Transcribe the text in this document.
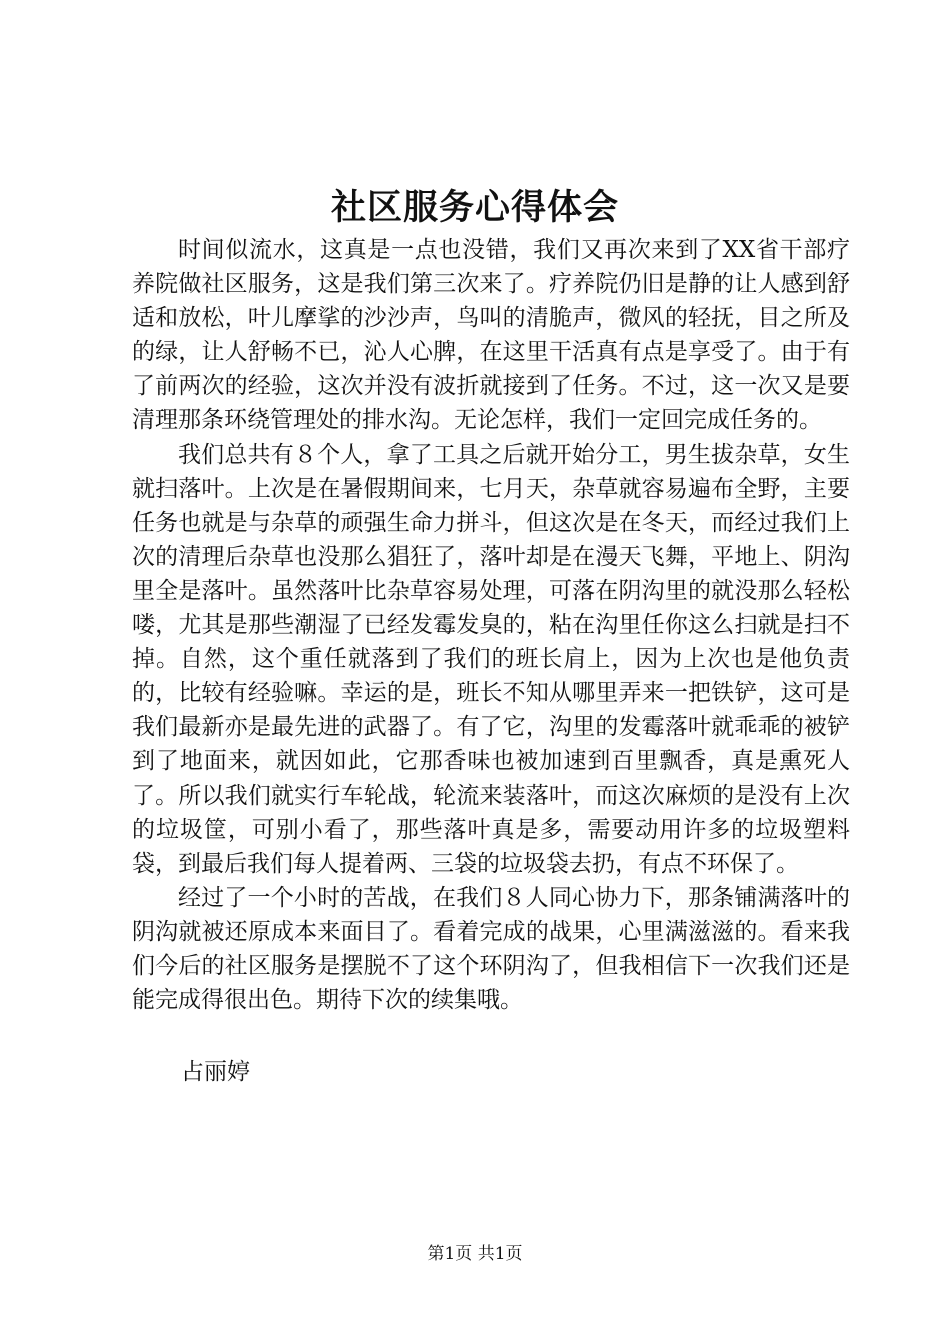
社区服务心得体会

时间似流水，这真是一点也没错，我们又再次来到了XX省干部疗养院做社区服务，这是我们第三次来了。疗养院仍旧是静的让人感到舒适和放松，叶儿摩挲的沙沙声，鸟叫的清脆声，微风的轻抚，目之所及的绿，让人舒畅不已，沁人心脾，在这里干活真有点是享受了。由于有了前两次的经验，这次并没有波折就接到了任务。不过，这一次又是要清理那条环绕管理处的排水沟。无论怎样，我们一定回完成任务的。

我们总共有８个人，拿了工具之后就开始分工，男生拔杂草，女生就扫落叶。上次是在暑假期间来，七月天，杂草就容易遍布全野，主要任务也就是与杂草的顽强生命力拼斗，但这次是在冬天，而经过我们上次的清理后杂草也没那么猖狂了，落叶却是在漫天飞舞，平地上、阴沟里全是落叶。虽然落叶比杂草容易处理，可落在阴沟里的就没那么轻松喽，尤其是那些潮湿了已经发霉发臭的，粘在沟里任你这么扫就是扫不掉。自然，这个重任就落到了我们的班长肩上，因为上次也是他负责的，比较有经验嘛。幸运的是，班长不知从哪里弄来一把铁铲，这可是我们最新亦是最先进的武器了。有了它，沟里的发霉落叶就乖乖的被铲到了地面来，就因如此，它那香味也被加速到百里飘香，真是熏死人了。所以我们就实行车轮战，轮流来装落叶，而这次麻烦的是没有上次的垃圾筐，可别小看了，那些落叶真是多，需要动用许多的垃圾塑料袋，到最后我们每人提着两、三袋的垃圾袋去扔，有点不环保了。

经过了一个小时的苦战，在我们８人同心协力下，那条铺满落叶的阴沟就被还原成本来面目了。看着完成的战果，心里满滋滋的。看来我们今后的社区服务是摆脱不了这个环阴沟了，但我相信下一次我们还是能完成得很出色。期待下次的续集哦。

占丽婷
第1页 共1页
